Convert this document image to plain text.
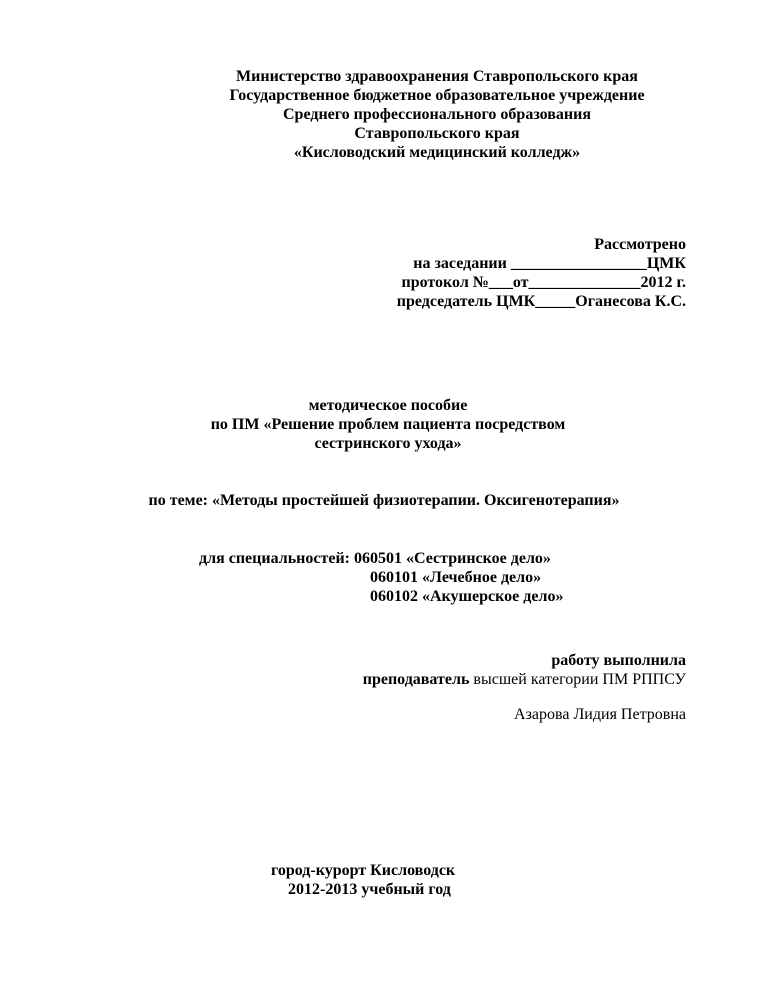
Министерство здравоохранения Ставропольского края
Государственное бюджетное образовательное учреждение
Среднего профессионального образования
Ставропольского края
«Кисловодский медицинский колледж»
Рассмотрено
на заседании _________________ЦМК
протокол №___от______________2012 г.
председатель ЦМК_____Оганесова К.С.
методическое пособие
по ПМ «Решение проблем пациента посредством
сестринского ухода»
по теме: «Методы простейшей физиотерапии. Оксигенотерапия»
для специальностей: 060501 «Сестринское дело»
060101 «Лечебное дело»
060102 «Акушерское дело»
работу выполнила
преподаватель высшей категории ПМ РППСУ
Азарова Лидия Петровна
город-курорт Кисловодск
2012-2013 учебный год
